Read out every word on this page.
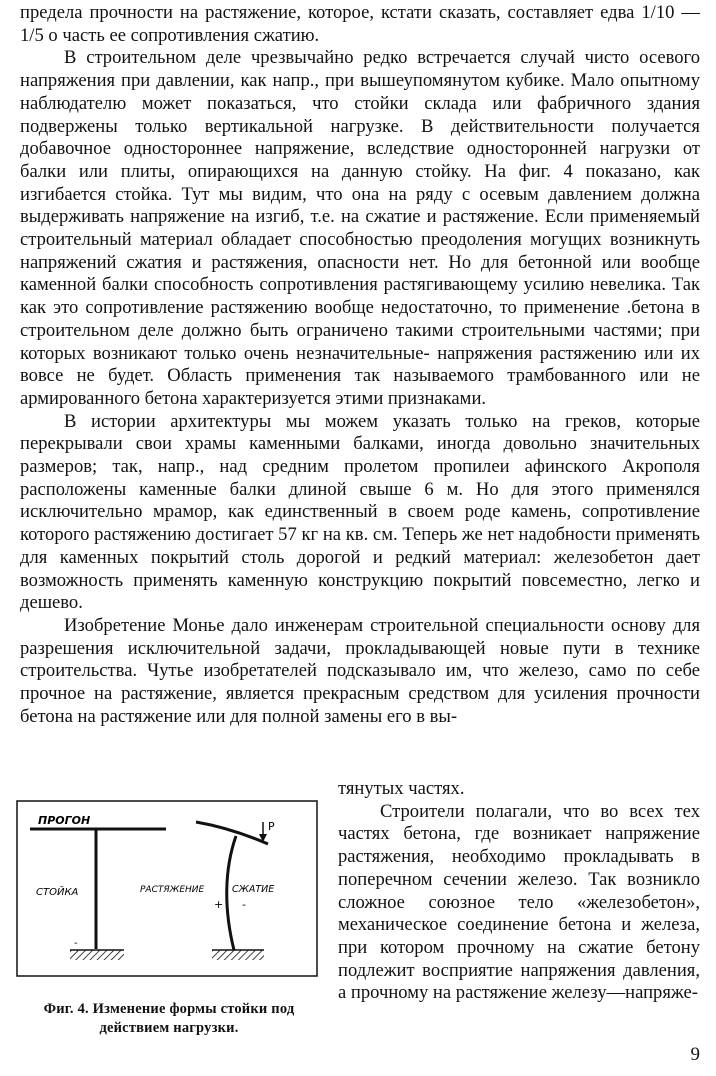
предела прочности на растяжение, которое, кстати сказать, составляет едва 1/10 — 1/5 о часть ее сопротивления сжатию.

В строительном деле чрезвычайно редко встречается случай чисто осевого напряжения при давлении, как напр., при вышеупомянутом кубике. Мало опытному наблюдателю может показаться, что стойки склада или фабричного здания подвержены только вертикальной нагрузке. В действительности получается добавочное одностороннее напряжение, вследствие односторонней нагрузки от балки или плиты, опирающихся на данную стойку. На фиг. 4 показано, как изгибается стойка. Тут мы видим, что она на ряду с осевым давлением должна выдерживать напряжение на изгиб, т.е. на сжатие и растяжение. Если применяемый строительный материал обладает способностью преодоления могущих возникнуть напряжений сжатия и растяжения, опасности нет. Но для бетонной или вообще каменной балки способность сопротивления растягивающему усилию невелика. Так как это сопротивление растяжению вообще недостаточно, то применение .бетона в строительном деле должно быть ограничено такими строительными частями; при которых возникают только очень незначительные- напряжения растяжению или их вовсе не будет. Область применения так называемого трамбованного или не армированного бетона характеризуется этими признаками.

В истории архитектуры мы можем указать только на греков, которые перекрывали свои храмы каменными балками, иногда довольно значительных размеров; так, напр., над средним пролетом пропилеи афинского Акрополя расположены каменные балки длиной свыше 6 м. Но для этого применялся исключительно мрамор, как единственный в своем роде камень, сопротивление которого растяжению достигает 57 кг на кв. см. Теперь же нет надобности применять для каменных покрытий столь дорогой и редкий материал: железобетон дает возможность применять каменную конструкцию покрытий повсеместно, легко и дешево.

Изобретение Монье дало инженерам строительной специальности основу для разрешения исключительной задачи, прокладывающей новые пути в технике строительства. Чутье изобретателей подсказывало им, что железо, само по себе прочное на растяжение, является прекрасным средством для усиления прочности бетона на растяжение или для полной замены его в вы-

ПРОГОН
СТОЙКА
-
P
РАСТЯЖЕНИЕ	СЖАТИЕ
+ -
Фиг. 4. Изменение формы стойки под действием нагрузки.

тянутых частях.

Строители полагали, что во всех тех частях бетона, где возникает напряжение растяжения, необходимо прокладывать в поперечном сечении железо. Так возникло сложное союзное тело «железобетон», механическое соединение бетона и железа, при котором прочному на сжатие бетону подлежит восприятие напряжения давления, а прочному на растяжение железу—напряже-

9
